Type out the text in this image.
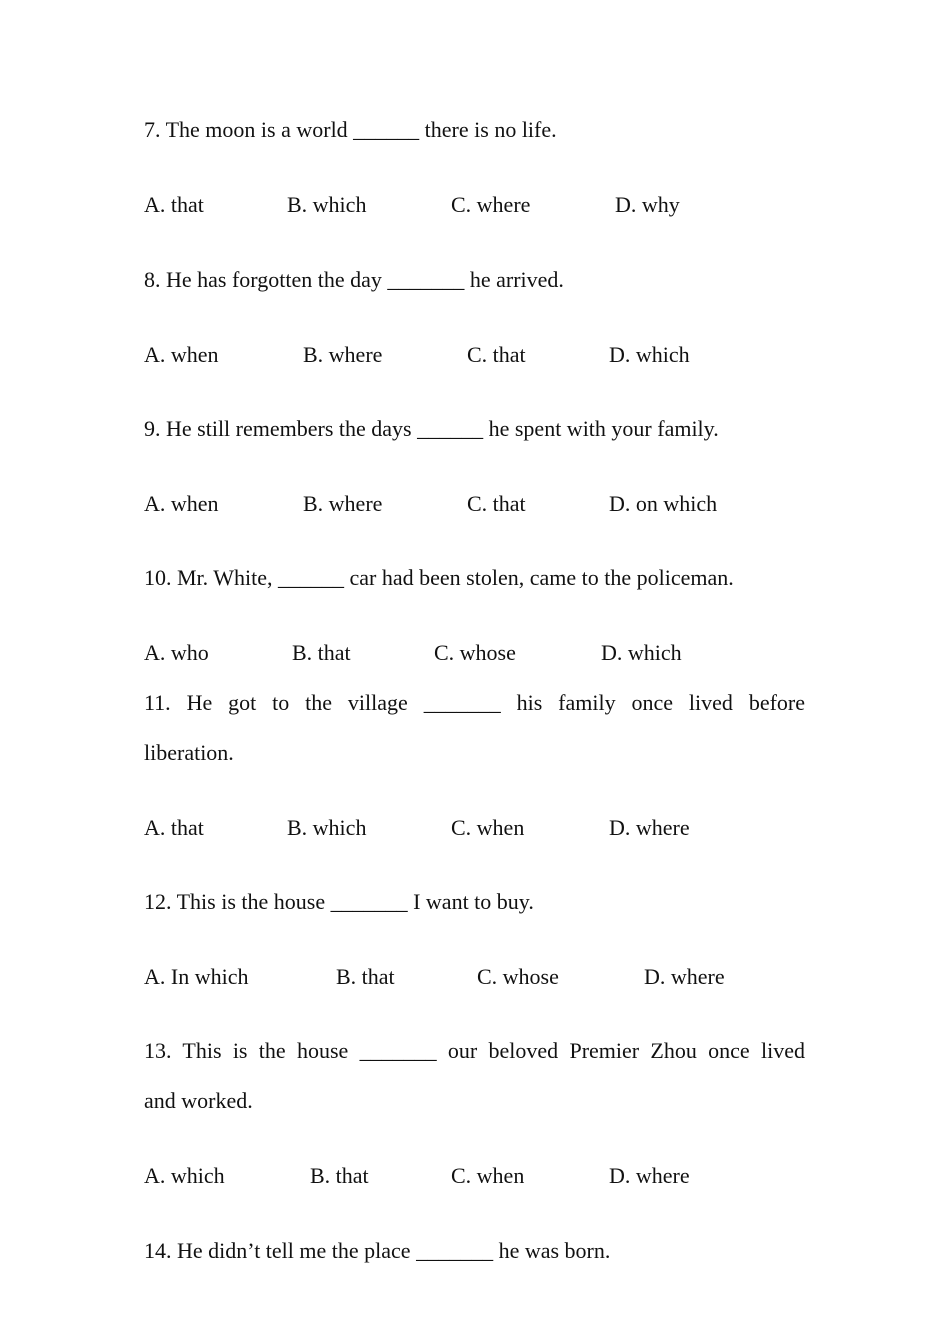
7. The moon is a world ______ there is no life.
A. that	B. which	C. where	D. why
8. He has forgotten the day _______ he arrived.
A. when	B. where	C. that	D. which
9. He still remembers the days ______ he spent with your family.
A. when	B. where	C. that	D. on which
10. Mr. White, ______ car had been stolen, came to the policeman.
A. who	B. that	C. whose	D. which
11. He got to the village _______ his family once lived before
liberation.
A. that	B. which	C. when	D. where
12. This is the house _______ I want to buy.
A. In which	B. that	C. whose	D. where
13. This is the house _______ our beloved Premier Zhou once lived
and worked.
A. which	B. that	C. when	D. where
14. He didn’t tell me the place _______ he was born.
